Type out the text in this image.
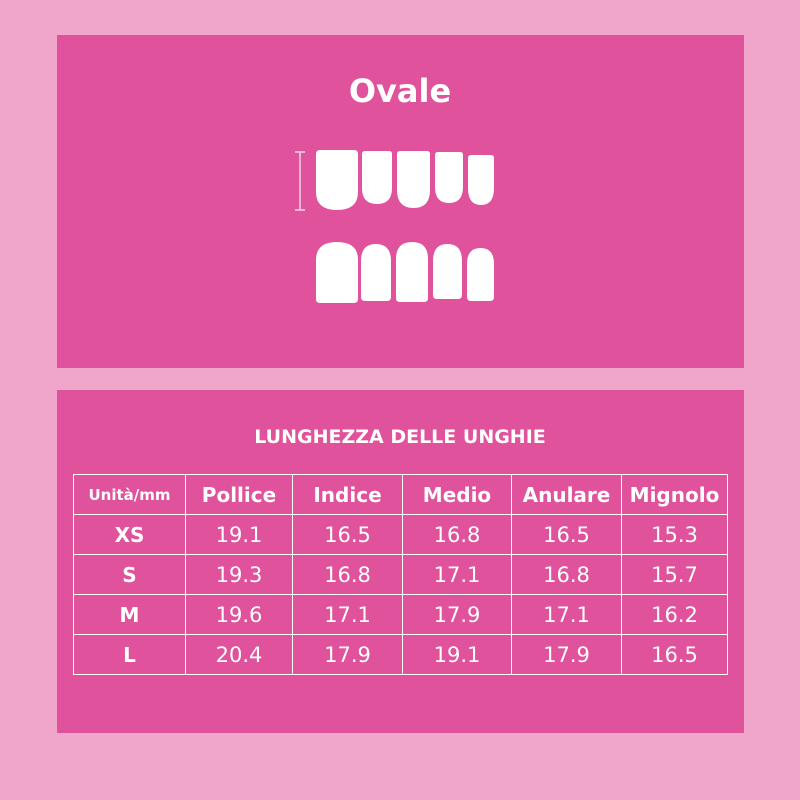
Ovale
LUNGHEZZA DELLE UNGHIE
Unità/mm	Pollice	Indice	Medio	Anulare	Mignolo
XS	19.1	16.5	16.8	16.5	15.3
S	19.3	16.8	17.1	16.8	15.7
M	19.6	17.1	17.9	17.1	16.2
L	20.4	17.9	19.1	17.9	16.5
